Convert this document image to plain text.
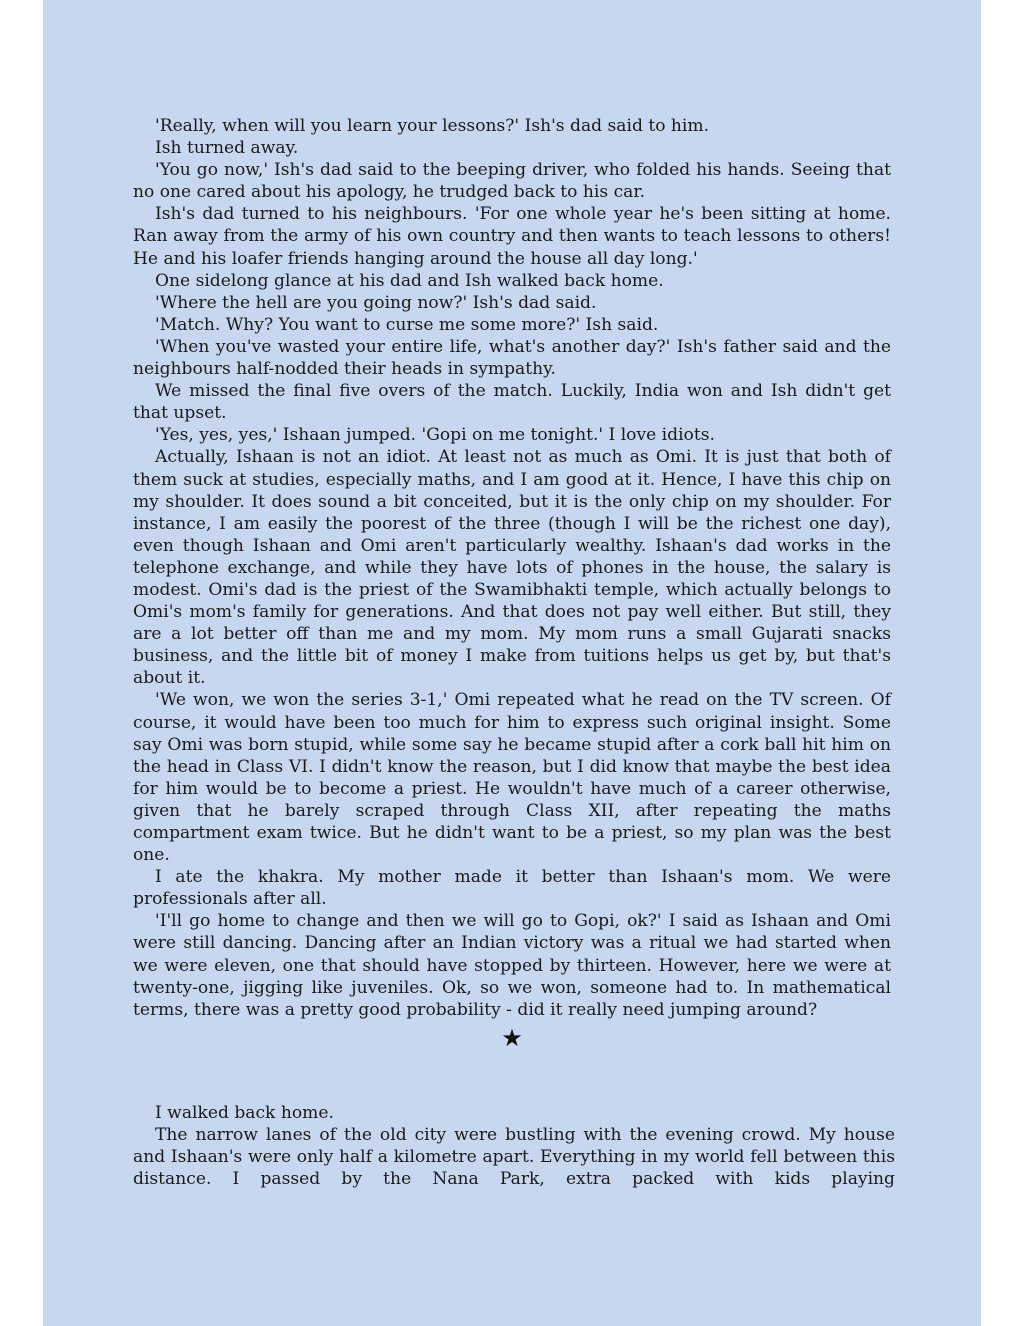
'Really, when will you learn your lessons?' Ish's dad said to him.

Ish turned away.

'You go now,' Ish's dad said to the beeping driver, who folded his hands. Seeing that no one cared about his apology, he trudged back to his car.

Ish's dad turned to his neighbours. 'For one whole year he's been sitting at home. Ran away from the army of his own country and then wants to teach lessons to others! He and his loafer friends hanging around the house all day long.'

One sidelong glance at his dad and Ish walked back home.

'Where the hell are you going now?' Ish's dad said.

'Match. Why? You want to curse me some more?' Ish said.

'When you've wasted your entire life, what's another day?' Ish's father said and the neighbours half-nodded their heads in sympathy.

We missed the final five overs of the match. Luckily, India won and Ish didn't get that upset.

'Yes, yes, yes,' Ishaan jumped. 'Gopi on me tonight.' I love idiots.

Actually, Ishaan is not an idiot. At least not as much as Omi. It is just that both of them suck at studies, especially maths, and I am good at it. Hence, I have this chip on my shoulder. It does sound a bit conceited, but it is the only chip on my shoulder. For instance, I am easily the poorest of the three (though I will be the richest one day), even though Ishaan and Omi aren't particularly wealthy. Ishaan's dad works in the telephone exchange, and while they have lots of phones in the house, the salary is modest. Omi's dad is the priest of the Swamibhakti temple, which actually belongs to Omi's mom's family for generations. And that does not pay well either. But still, they are a lot better off than me and my mom. My mom runs a small Gujarati snacks business, and the little bit of money I make from tuitions helps us get by, but that's about it.

'We won, we won the series 3-1,' Omi repeated what he read on the TV screen. Of course, it would have been too much for him to express such original insight. Some say Omi was born stupid, while some say he became stupid after a cork ball hit him on the head in Class VI. I didn't know the reason, but I did know that maybe the best idea for him would be to become a priest. He wouldn't have much of a career otherwise, given that he barely scraped through Class XII, after repeating the maths compartment exam twice. But he didn't want to be a priest, so my plan was the best one.

I ate the khakra. My mother made it better than Ishaan's mom. We were professionals after all.

'I'll go home to change and then we will go to Gopi, ok?' I said as Ishaan and Omi were still dancing. Dancing after an Indian victory was a ritual we had started when we were eleven, one that should have stopped by thirteen. However, here we were at twenty-one, jigging like juveniles. Ok, so we won, someone had to. In mathematical terms, there was a pretty good probability - did it really need jumping around?

★

I walked back home.

The narrow lanes of the old city were bustling with the evening crowd. My house and Ishaan's were only half a kilometre apart. Everything in my world fell between this distance. I passed by the Nana Park, extra packed with kids playing
